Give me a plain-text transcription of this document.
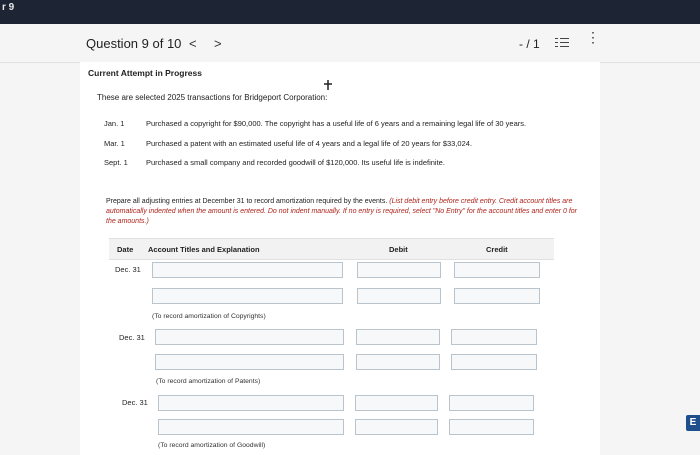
r 9
Question 9 of 10 < >	- / 1	⋮
Current Attempt in Progress
These are selected 2025 transactions for Bridgeport Corporation:
Jan. 1	Purchased a copyright for $90,000. The copyright has a useful life of 6 years and a remaining legal life of 30 years.
Mar. 1	Purchased a patent with an estimated useful life of 4 years and a legal life of 20 years for $33,024.
Sept. 1 Purchased a small company and recorded goodwill of $120,000. Its useful life is indefinite.
Prepare all adjusting entries at December 31 to record amortization required by the events. (List debit entry before credit entry. Credit account titles are automatically indented when the amount is entered. Do not indent manually. If no entry is required, select "No Entry" for the account titles and enter 0 for the amounts.)
Date Account Titles and Explanation	Debit	Credit
Dec. 31
(To record amortization of Copyrights)
Dec. 31
(To record amortization of Patents)
Dec. 31
(To record amortization of Goodwill)
E
